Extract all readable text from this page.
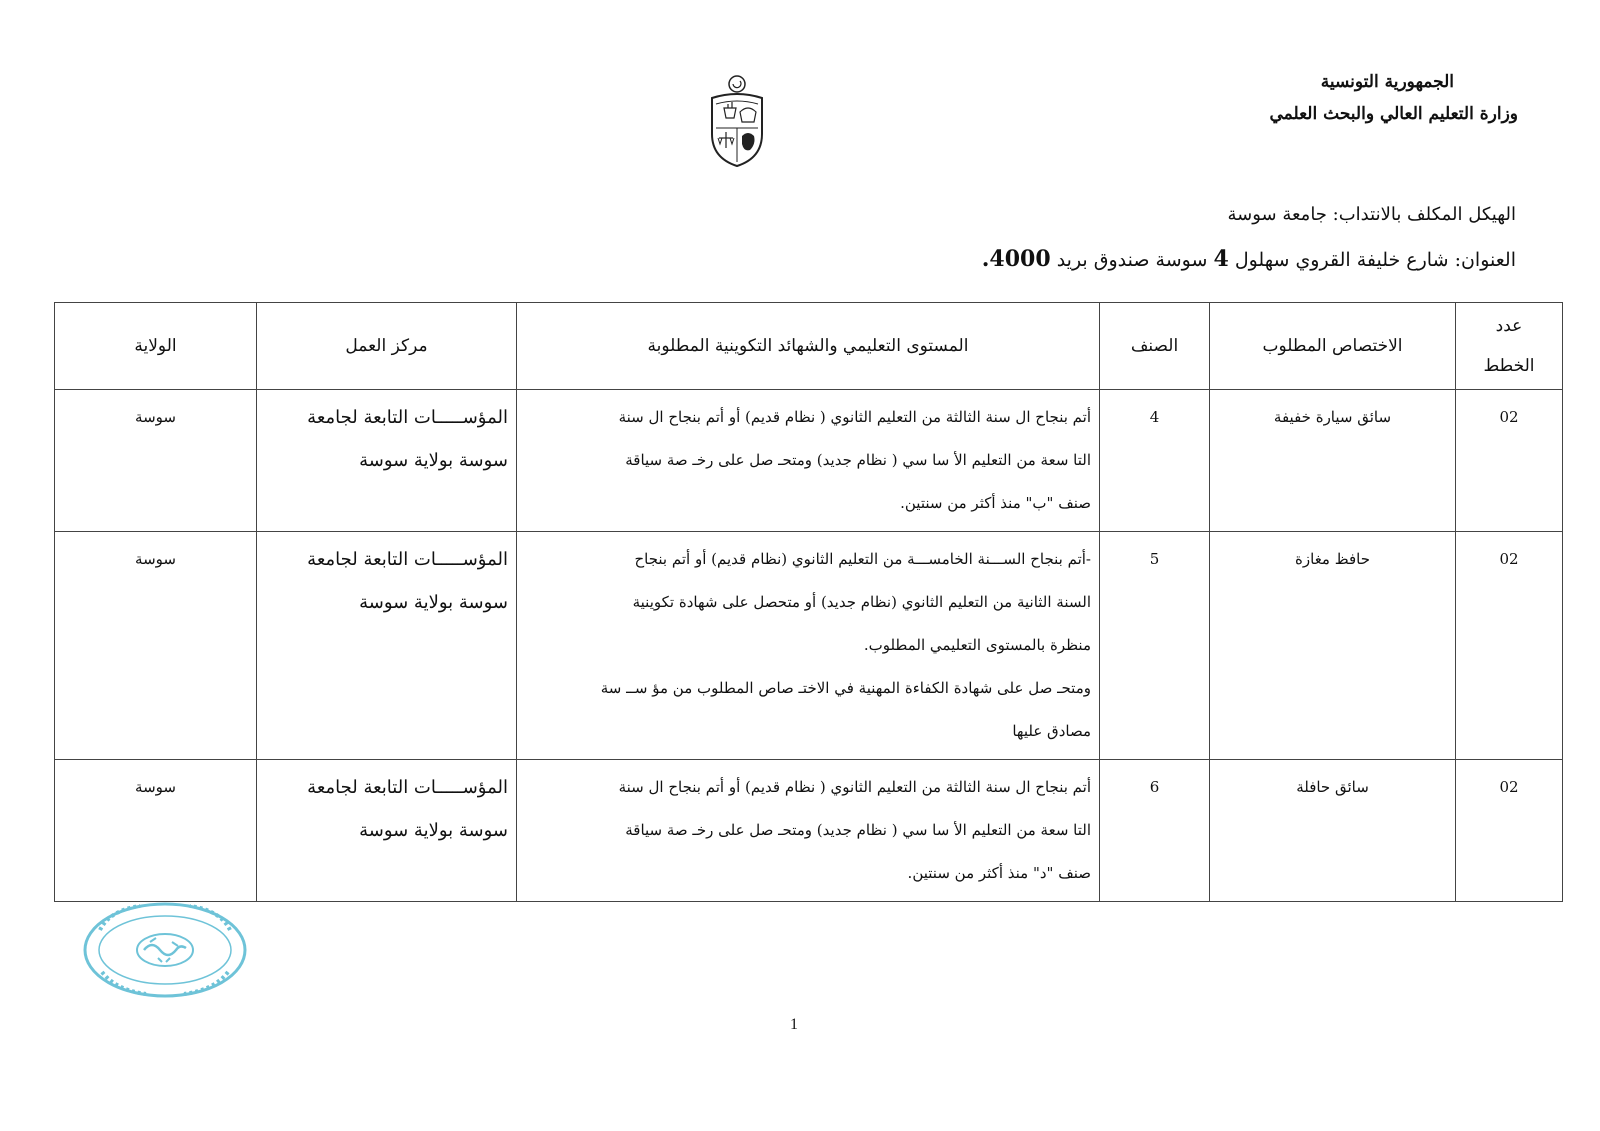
الجمهورية التونسية
وزارة التعليم العالي والبحث العلمي
الهيكل المكلف بالانتداب: جامعة سوسة
العنوان: شارع خليفة القروي سهلول 4 سوسة صندوق بريد 4000.
عدد
الخطط	الاختصاص المطلوب	الصنف	المستوى التعليمي والشهائد التكوينية المطلوبة	مركز العمل	الولاية
02	سائق سيارة خفيفة	4	أتم بنجاح ال سنة الثالثة من التعليم الثانوي ( نظام قديم) أو أتم بنجاح ال سنة
التا سعة من التعليم الأ سا سي ( نظام جديد) ومتحـ صل على رخـ صة سياقة
صنف "ب" منذ أكثر من سنتين.	المؤســـــات التابعة لجامعة سوسة بولاية سوسة	سوسة
02	حافظ مغازة	5	-أتم بنجاح الســـنة الخامســـة من التعليم الثانوي (نظام قديم) أو أتم بنجاح
السنة الثانية من التعليم الثانوي (نظام جديد) أو متحصل على شهادة تكوينية
منظرة بالمستوى التعليمي المطلوب.
ومتحـ صل على شهادة الكفاءة المهنية في الاختـ صاص المطلوب من مؤ ســ سة
مصادق عليها	المؤســـــات التابعة لجامعة سوسة بولاية سوسة	سوسة
02	سائق حافلة	6	أتم بنجاح ال سنة الثالثة من التعليم الثانوي ( نظام قديم) أو أتم بنجاح ال سنة
التا سعة من التعليم الأ سا سي ( نظام جديد) ومتحـ صل على رخـ صة سياقة
صنف "د" منذ أكثر من سنتين.	المؤســـــات التابعة لجامعة سوسة بولاية سوسة	سوسة
1
